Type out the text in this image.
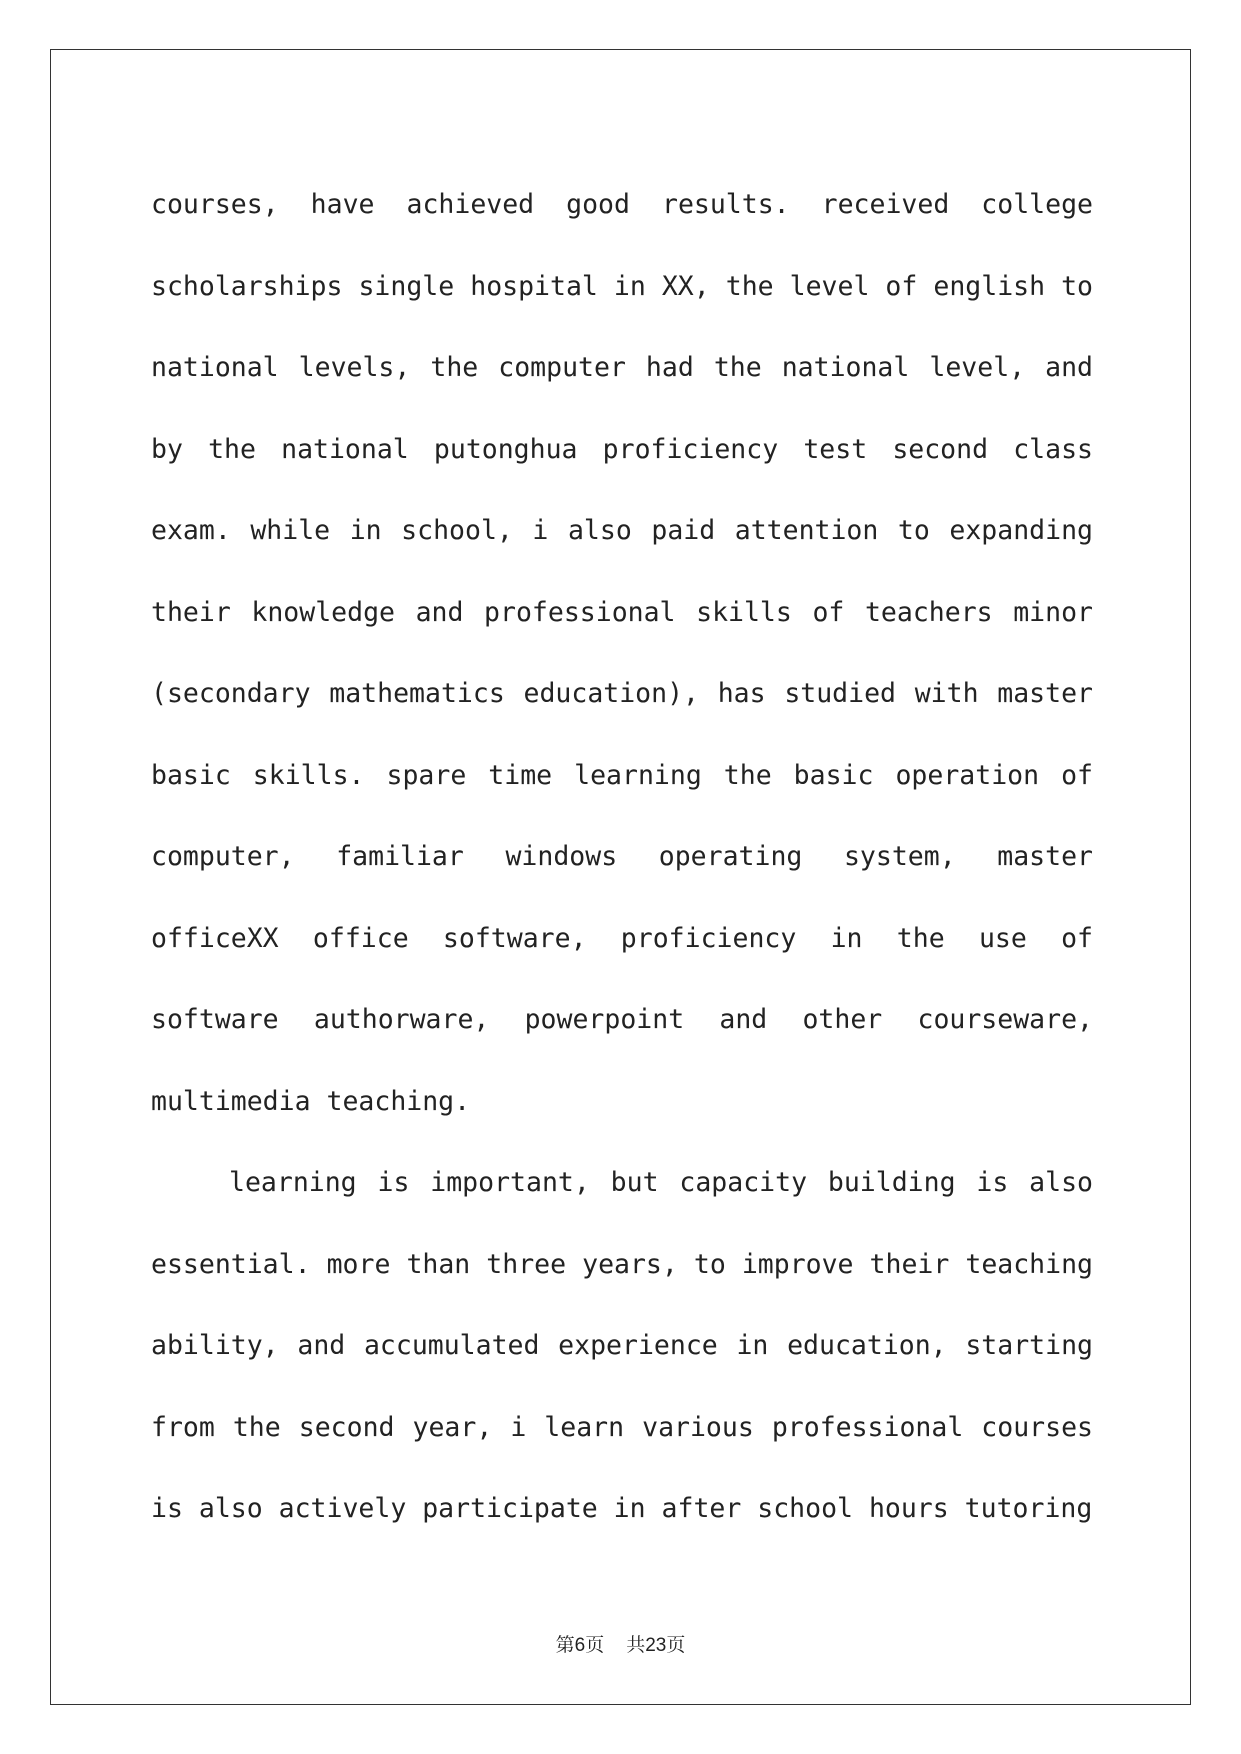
courses, have achieved good results. received college scholarships single hospital in XX, the level of english to national levels, the computer had the national level, and by the national putonghua proficiency test second class exam. while in school, i also paid attention to expanding their knowledge and professional skills of teachers minor (secondary mathematics education), has studied with master basic skills. spare time learning the basic operation of computer, familiar windows operating system, master officeXX office software, proficiency in the use of software authorware, powerpoint and other courseware, multimedia teaching.

learning is important, but capacity building is also essential. more than three years, to improve their teaching ability, and accumulated experience in education, starting from the second year, i learn various professional courses is also actively participate in after school hours tutoring

第6页 共23页
